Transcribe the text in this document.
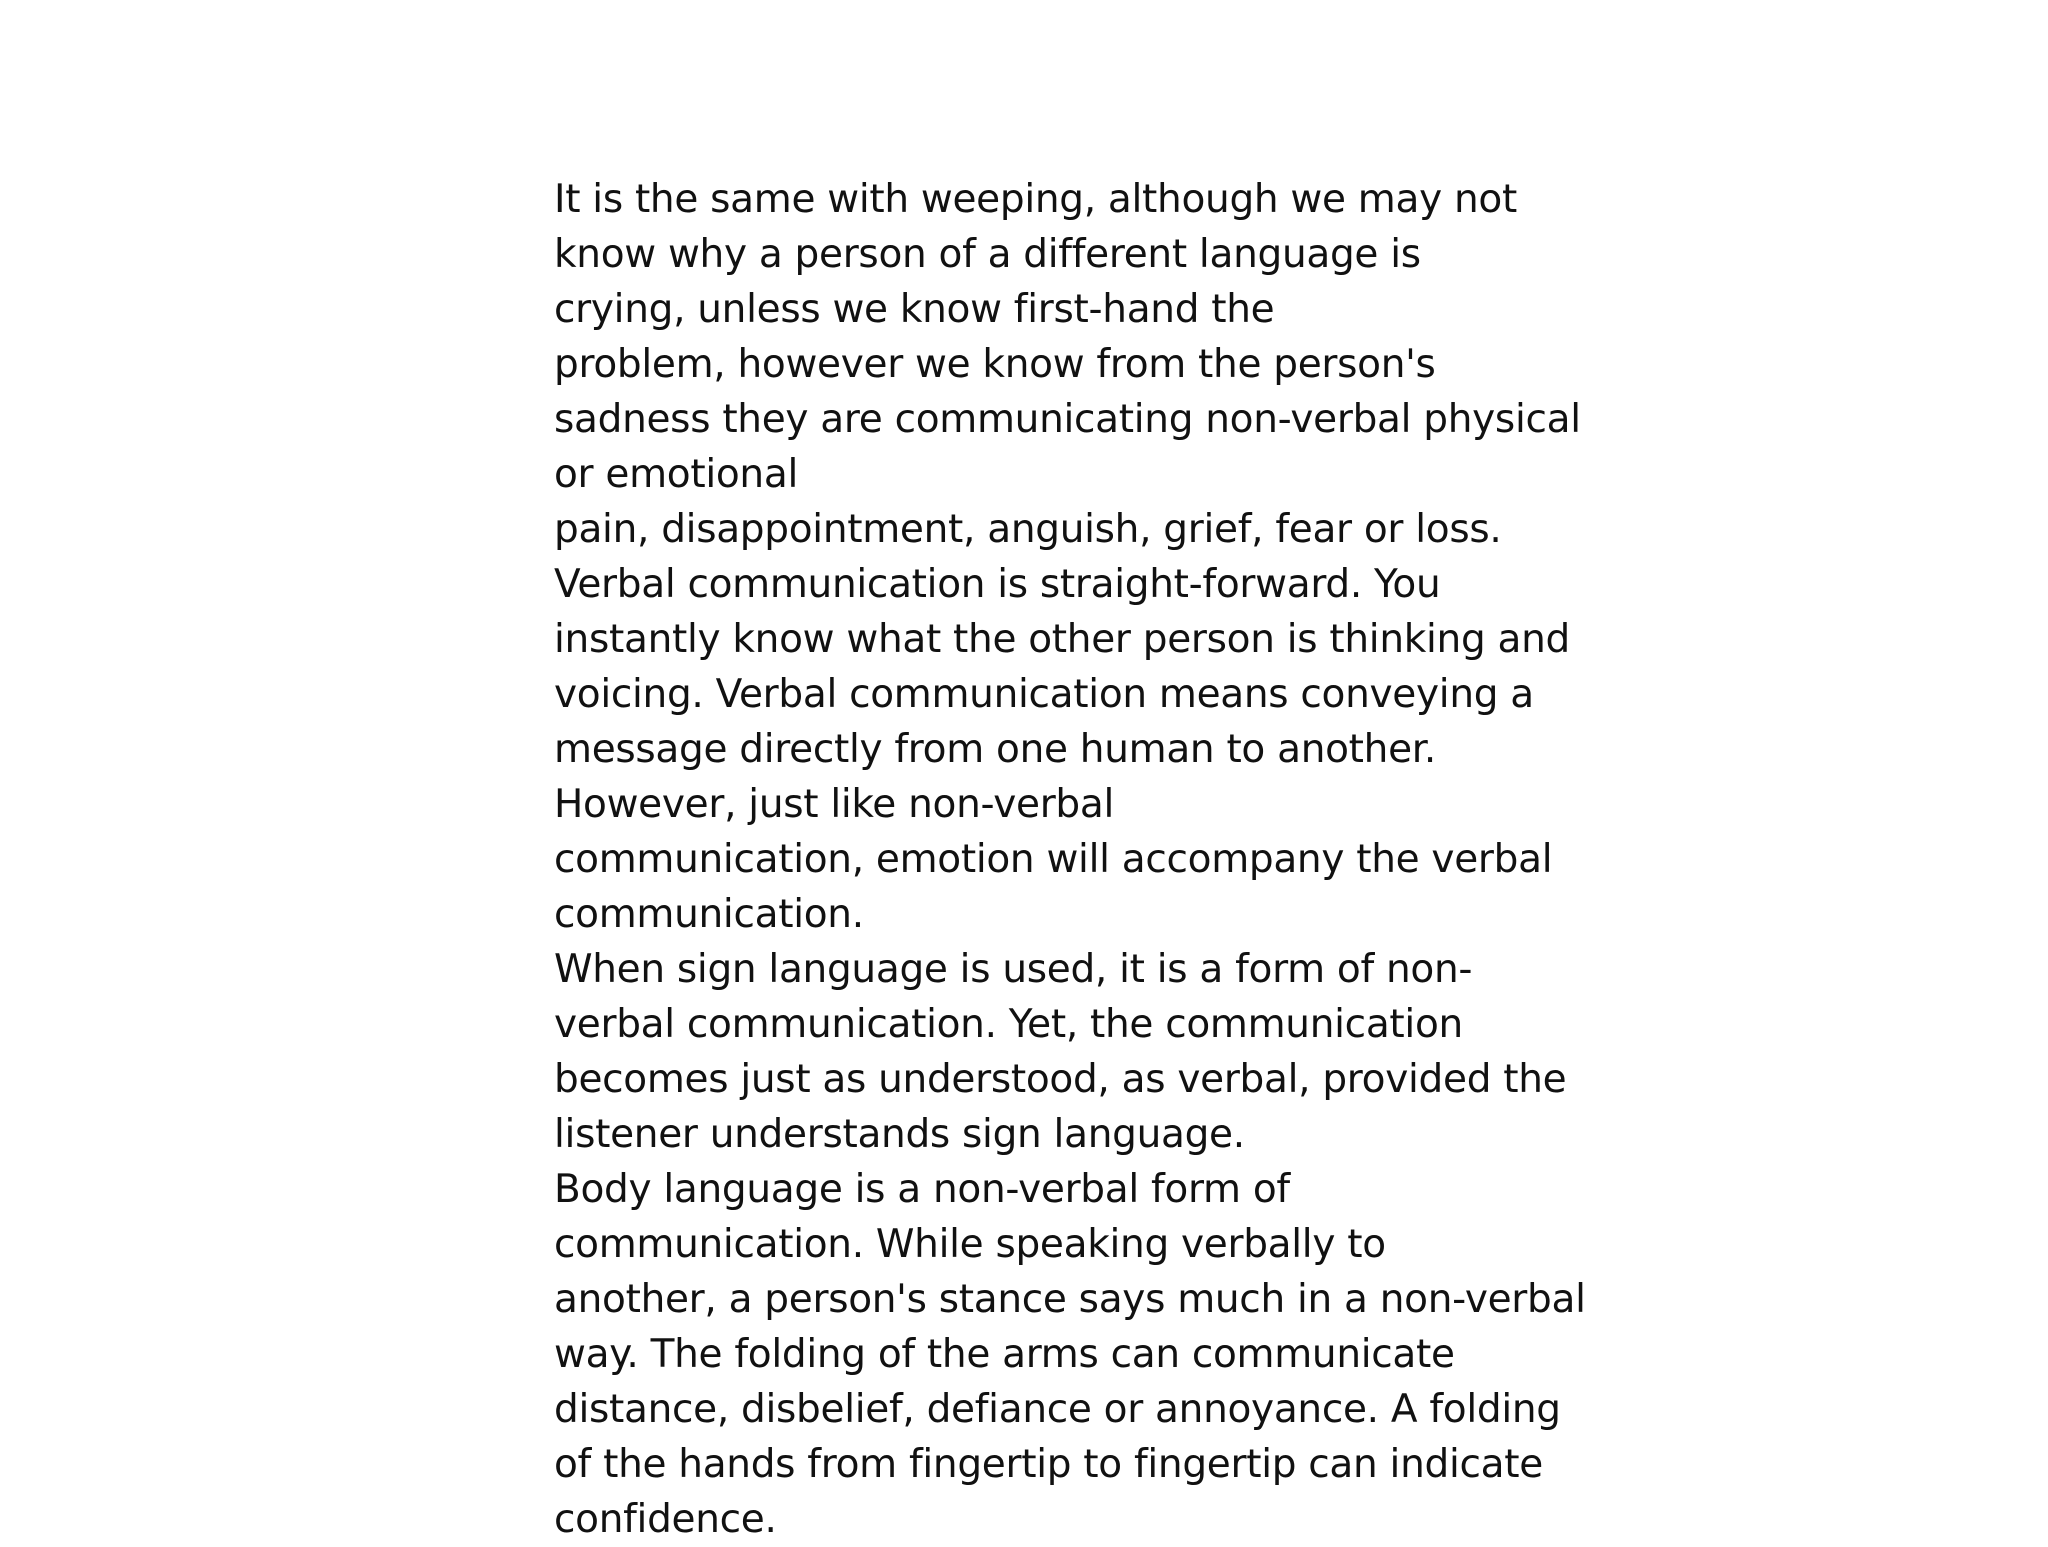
It is the same with weeping, although we may not
know why a person of a different language is
crying, unless we know first-hand the
problem, however we know from the person's
sadness they are communicating non-verbal physical
or emotional
pain, disappointment, anguish, grief, fear or loss.
Verbal communication is straight-forward. You
instantly know what the other person is thinking and
voicing. Verbal communication means conveying a
message directly from one human to another.
However, just like non-verbal
communication, emotion will accompany the verbal
communication.
When sign language is used, it is a form of non-
verbal communication. Yet, the communication
becomes just as understood, as verbal, provided the
listener understands sign language.
Body language is a non-verbal form of
communication. While speaking verbally to
another, a person's stance says much in a non-verbal
way. The folding of the arms can communicate
distance, disbelief, defiance or annoyance. A folding
of the hands from fingertip to fingertip can indicate
confidence.
